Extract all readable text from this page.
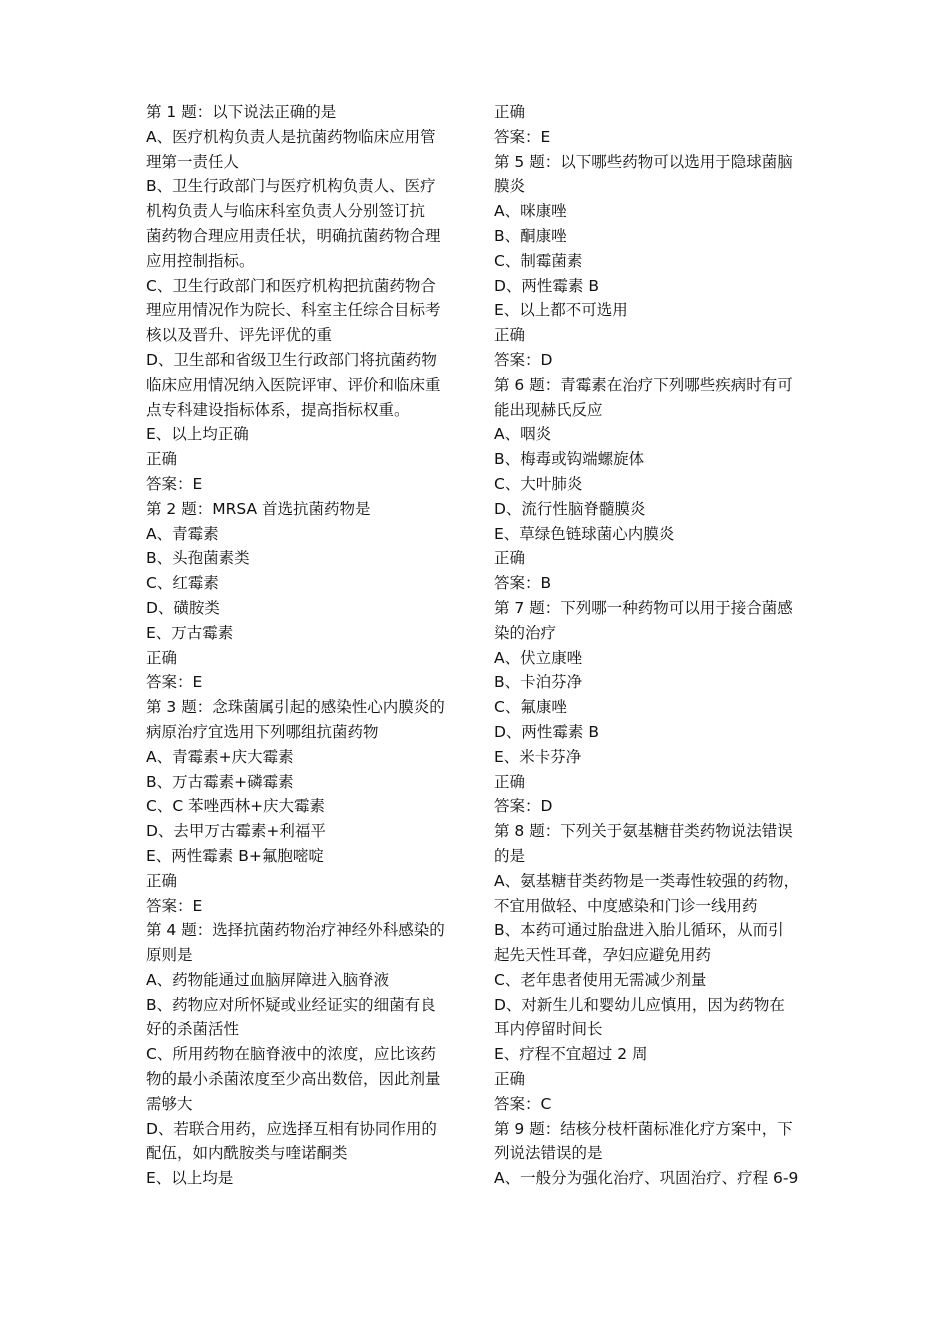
第 1 题：以下说法正确的是
A、医疗机构负责人是抗菌药物临床应用管
理第一责任人
B、卫生行政部门与医疗机构负责人、医疗
机构负责人与临床科室负责人分别签订抗
菌药物合理应用责任状，明确抗菌药物合理
应用控制指标。
C、卫生行政部门和医疗机构把抗菌药物合
理应用情况作为院长、科室主任综合目标考
核以及晋升、评先评优的重
D、卫生部和省级卫生行政部门将抗菌药物
临床应用情况纳入医院评审、评价和临床重
点专科建设指标体系，提高指标权重。
E、以上均正确
正确
答案：E
第 2 题：MRSA 首选抗菌药物是
A、青霉素
B、头孢菌素类
C、红霉素
D、磺胺类
E、万古霉素
正确
答案：E
第 3 题：念珠菌属引起的感染性心内膜炎的
病原治疗宜选用下列哪组抗菌药物
A、青霉素+庆大霉素
B、万古霉素+磷霉素
C、C 苯唑西林+庆大霉素
D、去甲万古霉素+利福平
E、两性霉素 B+氟胞嘧啶
正确
答案：E
第 4 题：选择抗菌药物治疗神经外科感染的
原则是
A、药物能通过血脑屏障进入脑脊液
B、药物应对所怀疑或业经证实的细菌有良
好的杀菌活性
C、所用药物在脑脊液中的浓度，应比该药
物的最小杀菌浓度至少高出数倍，因此剂量
需够大
D、若联合用药，应选择互相有协同作用的
配伍，如内酰胺类与喹诺酮类
E、以上均是
正确
答案：E
第 5 题：以下哪些药物可以选用于隐球菌脑
膜炎
A、咪康唑
B、酮康唑
C、制霉菌素
D、两性霉素 B
E、以上都不可选用
正确
答案：D
第 6 题：青霉素在治疗下列哪些疾病时有可
能出现赫氏反应
A、咽炎
B、梅毒或钩端螺旋体
C、大叶肺炎
D、流行性脑脊髓膜炎
E、草绿色链球菌心内膜炎
正确
答案：B
第 7 题：下列哪一种药物可以用于接合菌感
染的治疗
A、伏立康唑
B、卡泊芬净
C、氟康唑
D、两性霉素 B
E、米卡芬净
正确
答案：D
第 8 题：下列关于氨基糖苷类药物说法错误
的是
A、氨基糖苷类药物是一类毒性较强的药物，
不宜用做轻、中度感染和门诊一线用药
B、本药可通过胎盘进入胎儿循环，从而引
起先天性耳聋，孕妇应避免用药
C、老年患者使用无需减少剂量
D、对新生儿和婴幼儿应慎用，因为药物在
耳内停留时间长
E、疗程不宜超过 2 周
正确
答案：C
第 9 题：结核分枝杆菌标准化疗方案中，下
列说法错误的是
A、一般分为强化治疗、巩固治疗、疗程 6-9
